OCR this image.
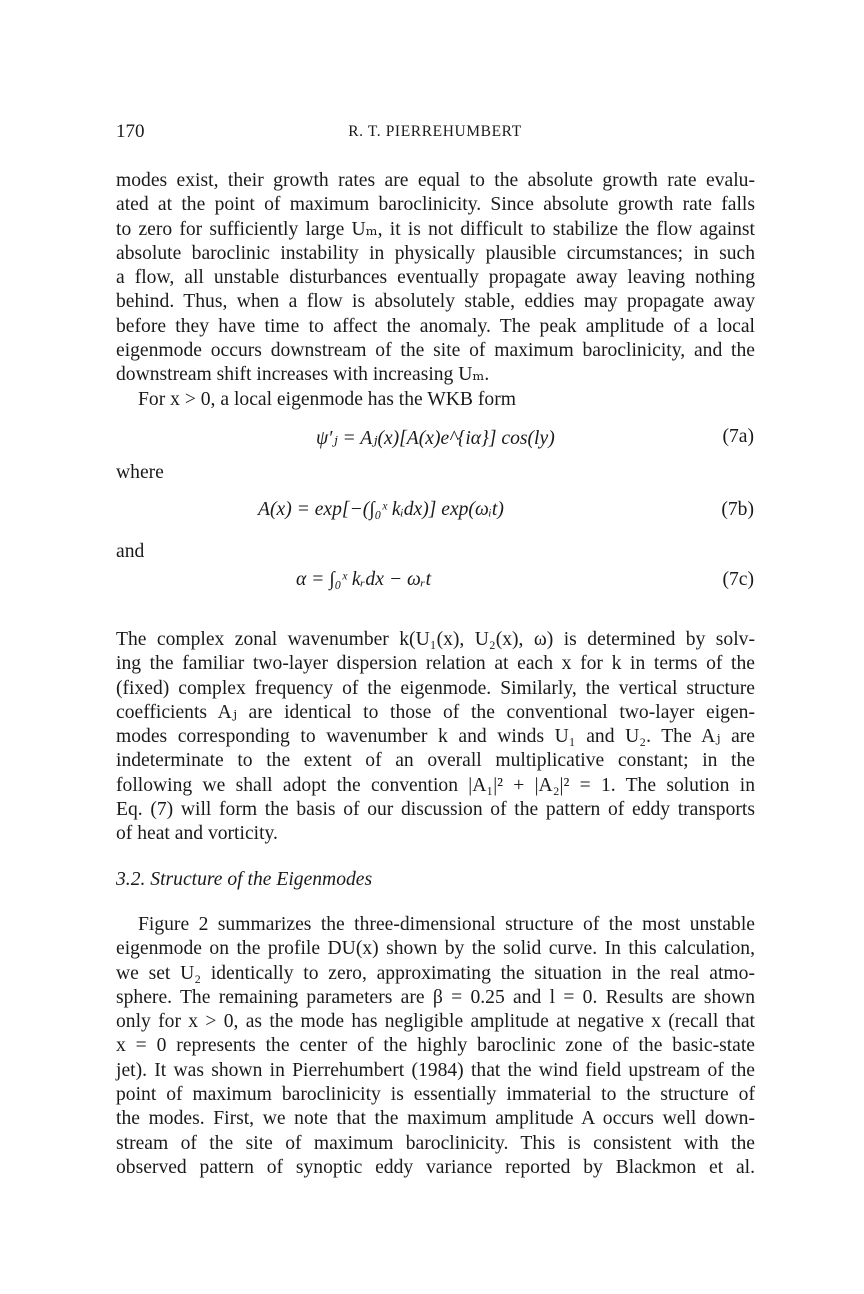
170	R. T. PIERREHUMBERT
modes exist, their growth rates are equal to the absolute growth rate evalu-
ated at the point of maximum baroclinicity. Since absolute growth rate falls
to zero for sufficiently large Uₘ, it is not difficult to stabilize the flow against
absolute baroclinic instability in physically plausible circumstances; in such
a flow, all unstable disturbances eventually propagate away leaving nothing
behind. Thus, when a flow is absolutely stable, eddies may propagate away
before they have time to affect the anomaly. The peak amplitude of a local
eigenmode occurs downstream of the site of maximum baroclinicity, and the
downstream shift increases with increasing Uₘ.
For x > 0, a local eigenmode has the WKB form
ψ′ⱼ = Aⱼ(x)[A(x)e^{iα}] cos(ly)	(7a)
where
A(x) = exp[−(∫₀ˣ kᵢdx)] exp(ωᵢt)	(7b)
and
α = ∫₀ˣ kᵣdx − ωᵣt	(7c)
The complex zonal wavenumber k(U₁(x), U₂(x), ω) is determined by solv-
ing the familiar two-layer dispersion relation at each x for k in terms of the
(fixed) complex frequency of the eigenmode. Similarly, the vertical structure
coefficients Aⱼ are identical to those of the conventional two-layer eigen-
modes corresponding to wavenumber k and winds U₁ and U₂. The Aⱼ are
indeterminate to the extent of an overall multiplicative constant; in the
following we shall adopt the convention |A₁|² + |A₂|² = 1. The solution in
Eq. (7) will form the basis of our discussion of the pattern of eddy transports
of heat and vorticity.
3.2. Structure of the Eigenmodes
Figure 2 summarizes the three-dimensional structure of the most unstable
eigenmode on the profile DU(x) shown by the solid curve. In this calculation,
we set U₂ identically to zero, approximating the situation in the real atmo-
sphere. The remaining parameters are β = 0.25 and l = 0. Results are shown
only for x > 0, as the mode has negligible amplitude at negative x (recall that
x = 0 represents the center of the highly baroclinic zone of the basic-state
jet). It was shown in Pierrehumbert (1984) that the wind field upstream of the
point of maximum baroclinicity is essentially immaterial to the structure of
the modes. First, we note that the maximum amplitude A occurs well down-
stream of the site of maximum baroclinicity. This is consistent with the
observed pattern of synoptic eddy variance reported by Blackmon et al.
